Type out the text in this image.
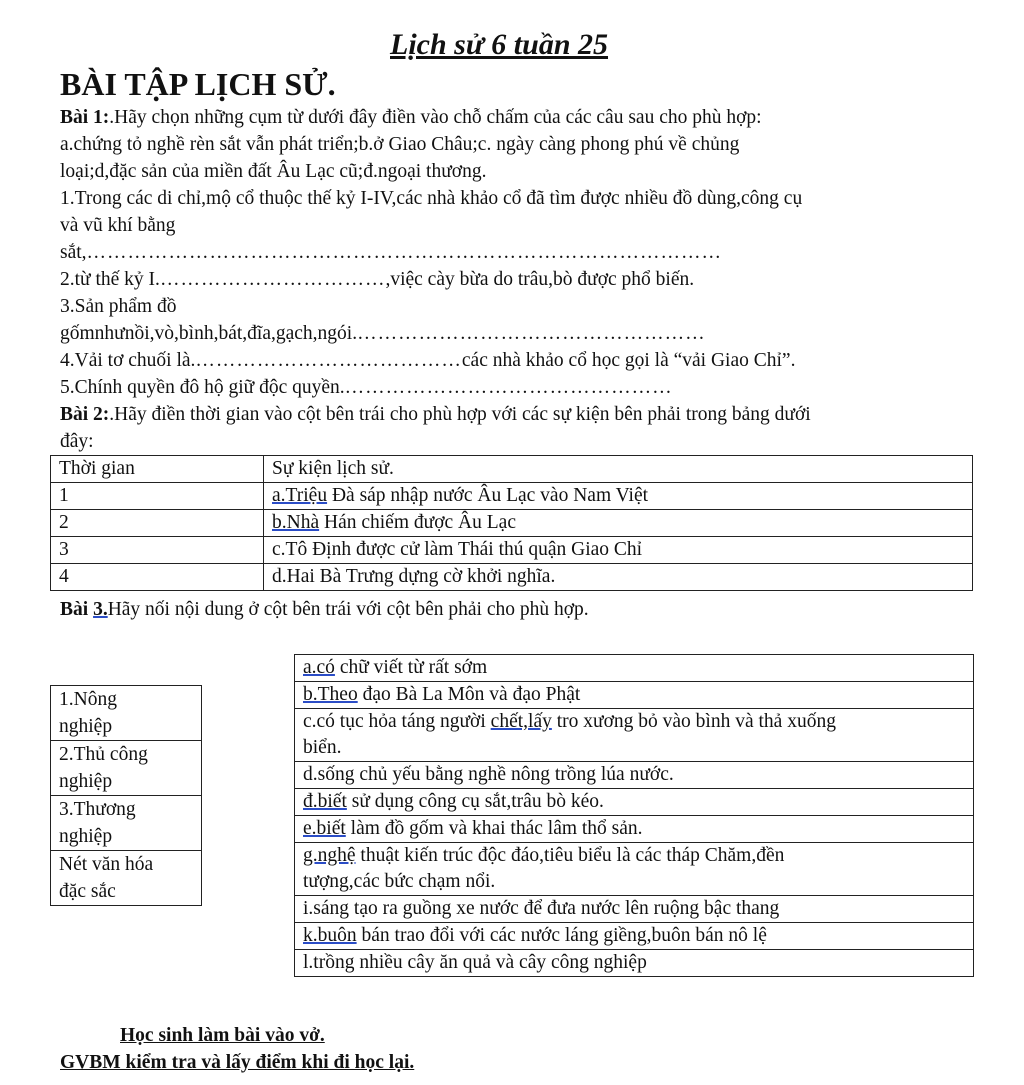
Lịch sử 6 tuần 25
BÀI TẬP LỊCH SỬ.
Bài 1:.Hãy chọn những cụm từ dưới đây điền vào chỗ chấm của các câu sau cho phù hợp:
a.chứng tỏ nghề rèn sắt vẫn phát triển;b.ở Giao Châu;c. ngày càng phong phú về chủng
loại;d,đặc sản của miền đất Âu Lạc cũ;đ.ngoại thương.
1.Trong các di chỉ,mộ cổ thuộc thế kỷ I-IV,các nhà khảo cổ đã tìm được nhiều đồ dùng,công cụ
và vũ khí bằng
sắt,…………………………………………………………………………………
2.từ thế kỷ I.……………………………,việc cày bừa do trâu,bò được phổ biến.
3.Sản phẩm đồ
gốmnhưnồi,vò,bình,bát,đĩa,gạch,ngói.……………………………………………
4.Vải tơ chuối là.…………………………………các nhà khảo cổ học gọi là “vải Giao Chỉ”.
5.Chính quyền đô hộ giữ độc quyền.…………………………………………
Bài 2:.Hãy điền thời gian vào cột bên trái cho phù hợp với các sự kiện bên phải trong bảng dưới
đây:
Thời gian	Sự kiện lịch sử.
1	a.Triệu Đà sáp nhập nước Âu Lạc vào Nam Việt
2	b.Nhà Hán chiếm được Âu Lạc
3	c.Tô Định được cử làm Thái thú quận Giao Chỉ
4	d.Hai Bà Trưng dựng cờ khởi nghĩa.
Bài 3.Hãy nối nội dung ở cột bên trái với cột bên phải cho phù hợp.
1.Nông
nghiệp
2.Thủ công
nghiệp
3.Thương
nghiệp
Nét văn hóa
đặc sắc
a.có chữ viết từ rất sớm
b.Theo đạo Bà La Môn và đạo Phật
c.có tục hỏa táng người chết,lấy tro xương bỏ vào bình và thả xuống
biển.
d.sống chủ yếu bằng nghề nông trồng lúa nước.
đ.biết sử dụng công cụ sắt,trâu bò kéo.
e.biết làm đồ gốm và khai thác lâm thổ sản.
g.nghệ thuật kiến trúc độc đáo,tiêu biểu là các tháp Chăm,đền
tượng,các bức chạm nổi.
i.sáng tạo ra guồng xe nước để đưa nước lên ruộng bậc thang
k.buôn bán trao đổi với các nước láng giềng,buôn bán nô lệ
l.trồng nhiều cây ăn quả và cây công nghiệp
Học sinh làm bài vào vở.
GVBM kiểm tra và lấy điểm khi đi học lại.
